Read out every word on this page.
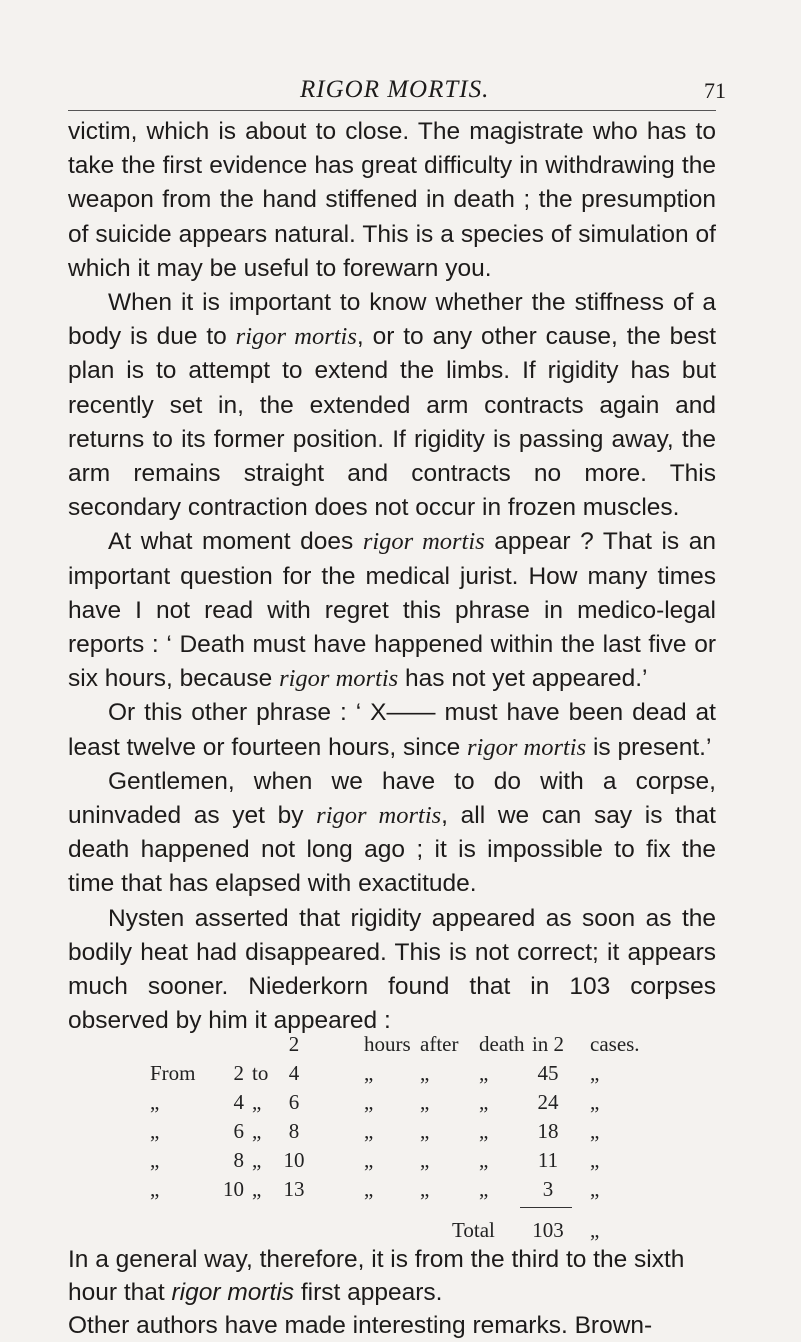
RIGOR MORTIS.	71

victim, which is about to close. The magistrate who has to take the first evidence has great difficulty in withdrawing the weapon from the hand stiffened in death ; the presumption of suicide appears natural. This is a species of simulation of which it may be useful to forewarn you.

When it is important to know whether the stiffness of a body is due to rigor mortis, or to any other cause, the best plan is to attempt to extend the limbs. If rigidity has but recently set in, the extended arm contracts again and returns to its former position. If rigidity is passing away, the arm remains straight and contracts no more. This secondary contraction does not occur in frozen muscles.

At what moment does rigor mortis appear ? That is an important question for the medical jurist. How many times have I not read with regret this phrase in medico-legal reports : ‘ Death must have happened within the last five or six hours, because rigor mortis has not yet appeared.’

Or this other phrase : ‘ X—— must have been dead at least twelve or fourteen hours, since rigor mortis is present.’

Gentlemen, when we have to do with a corpse, uninvaded as yet by rigor mortis, all we can say is that death happened not long ago ; it is impossible to fix the time that has elapsed with exactitude.

Nysten asserted that rigidity appeared as soon as the bodily heat had disappeared. This is not correct; it appears much sooner. Niederkorn found that in 103 corpses observed by him it appeared :

2	hours after death in 2 cases.
From	2 to 4	„ „ „	45	„
„	4 „	6	„ „ „	24	„
„	6 „	8	„ „ „	18	„
„	8 „	10	„ „ „	11	„
„	10 „	13	„ „ „	3	„
Total 103 „

In a general way, therefore, it is from the third to the sixth hour that rigor mortis first appears.

Other authors have made interesting remarks. Brown-
